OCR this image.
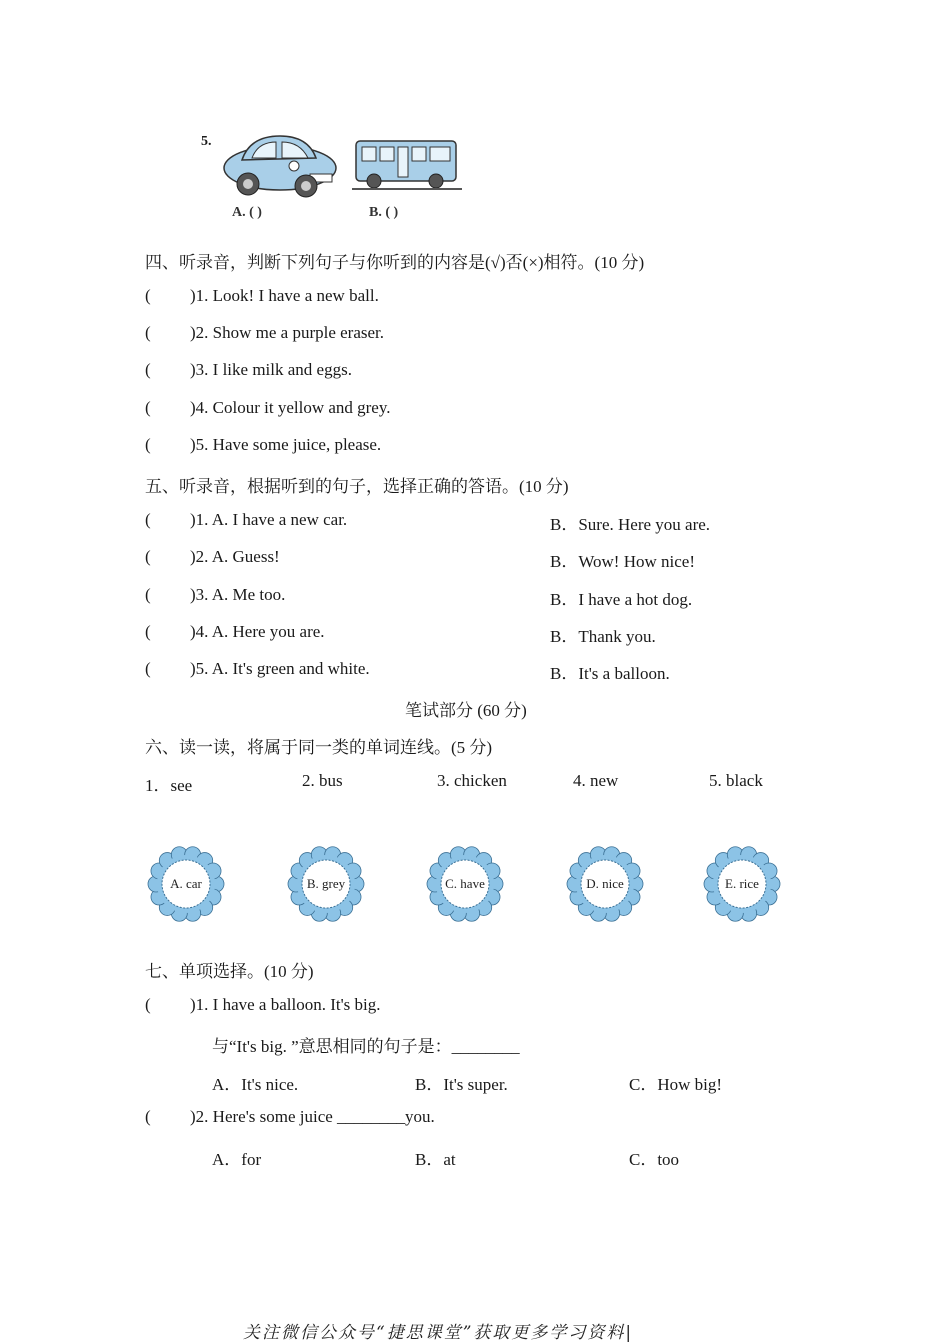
5.
A. ( )	B. ( )
四、听录音，判断下列句子与你听到的内容是(√)否(×)相符。(10 分)
( )1. Look! I have a new ball.
( )2. Show me a purple eraser.
( )3. I like milk and eggs.
( )4. Colour it yellow and grey.
( )5. Have some juice, please.
五、听录音，根据听到的句子，选择正确的答语。(10 分)
( )1. A. I have a new car.	B．Sure. Here you are.
( )2. A. Guess!	B．Wow! How nice!
( )3. A. Me too.	B．I have a hot dog.
( )4. A. Here you are.	B．Thank you.
( )5. A. It's green and white.	B．It's a balloon.
笔试部分 (60 分)
六、读一读，将属于同一类的单词连线。(5 分)
1．see	2. bus	3. chicken	4. new	5. black
A. car	B. grey	C. have	D. nice	E. rice
七、单项选择。(10 分)
( )1. I have a balloon. It's big.
与“It's big. ”意思相同的句子是：________
A．It's nice.	B．It's super.	C．How big!
( )2. Here's some juice ________you.
A．for	B．at	C．too
关注微信公众号“捷思课堂”获取更多学习资料|
